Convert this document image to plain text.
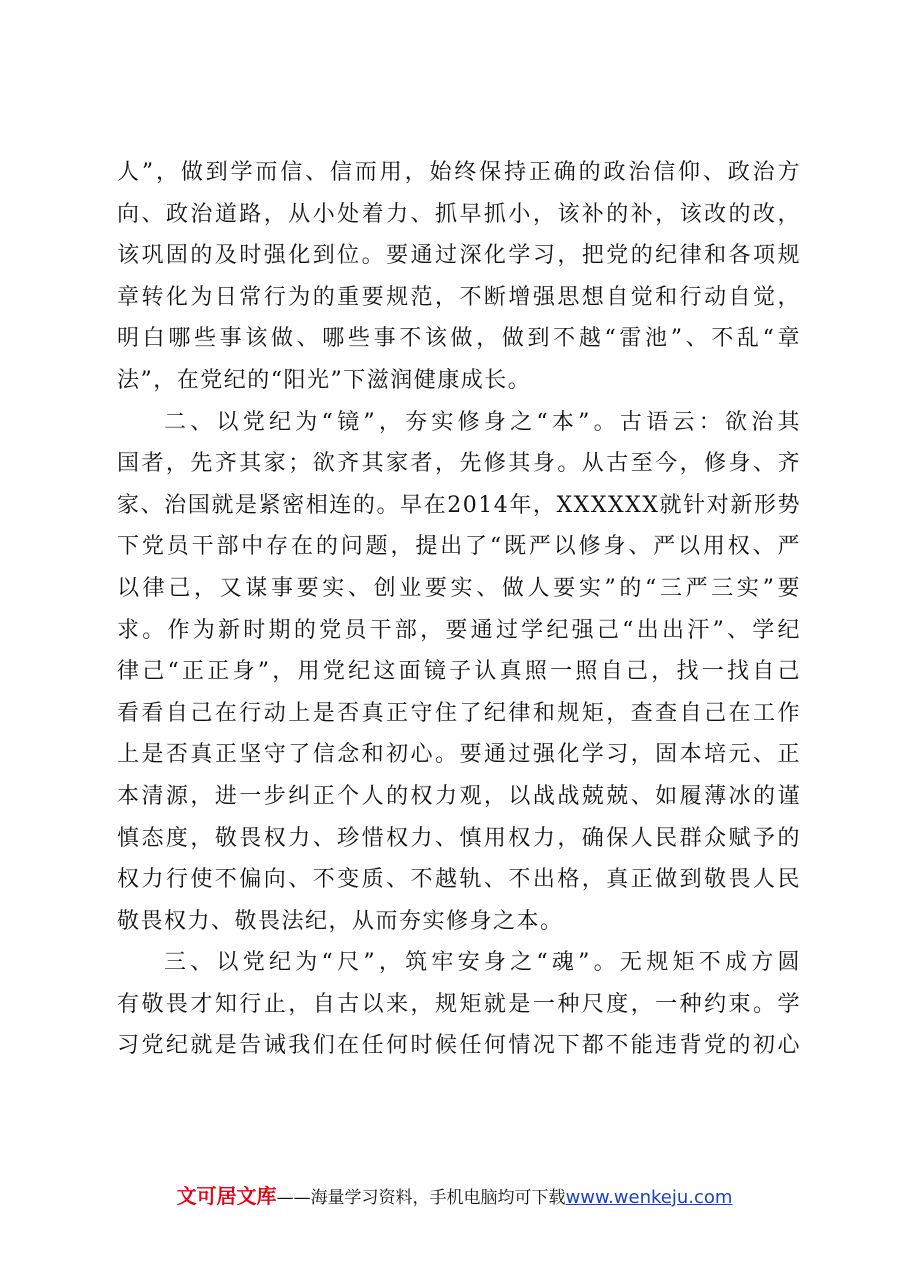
人”，做到学而信、信而用，始终保持正确的政治信仰、政治方
向、政治道路，从小处着力、抓早抓小，该补的补，该改的改，
该巩固的及时强化到位。要通过深化学习，把党的纪律和各项规
章转化为日常行为的重要规范，不断增强思想自觉和行动自觉，
明白哪些事该做、哪些事不该做，做到不越“雷池”、不乱“章
法”，在党纪的“阳光”下滋润健康成长。
二、以党纪为“镜”，夯实修身之“本”。古语云：欲治其
国者，先齐其家；欲齐其家者，先修其身。从古至今，修身、齐
家、治国就是紧密相连的。早在2014年，XXXXXX就针对新形势
下党员干部中存在的问题，提出了“既严以修身、严以用权、严
以律己，又谋事要实、创业要实、做人要实”的“三严三实”要
求。作为新时期的党员干部，要通过学纪强己“出出汗”、学纪
律己“正正身”，用党纪这面镜子认真照一照自己，找一找自己
看看自己在行动上是否真正守住了纪律和规矩，查查自己在工作
上是否真正坚守了信念和初心。要通过强化学习，固本培元、正
本清源，进一步纠正个人的权力观，以战战兢兢、如履薄冰的谨
慎态度，敬畏权力、珍惜权力、慎用权力，确保人民群众赋予的
权力行使不偏向、不变质、不越轨、不出格，真正做到敬畏人民
敬畏权力、敬畏法纪，从而夯实修身之本。
三、以党纪为“尺”，筑牢安身之“魂”。无规矩不成方圆
有敬畏才知行止，自古以来，规矩就是一种尺度，一种约束。学
习党纪就是告诫我们在任何时候任何情况下都不能违背党的初心
文可居文库——海量学习资料，手机电脑均可下载www.wenkeju.com
